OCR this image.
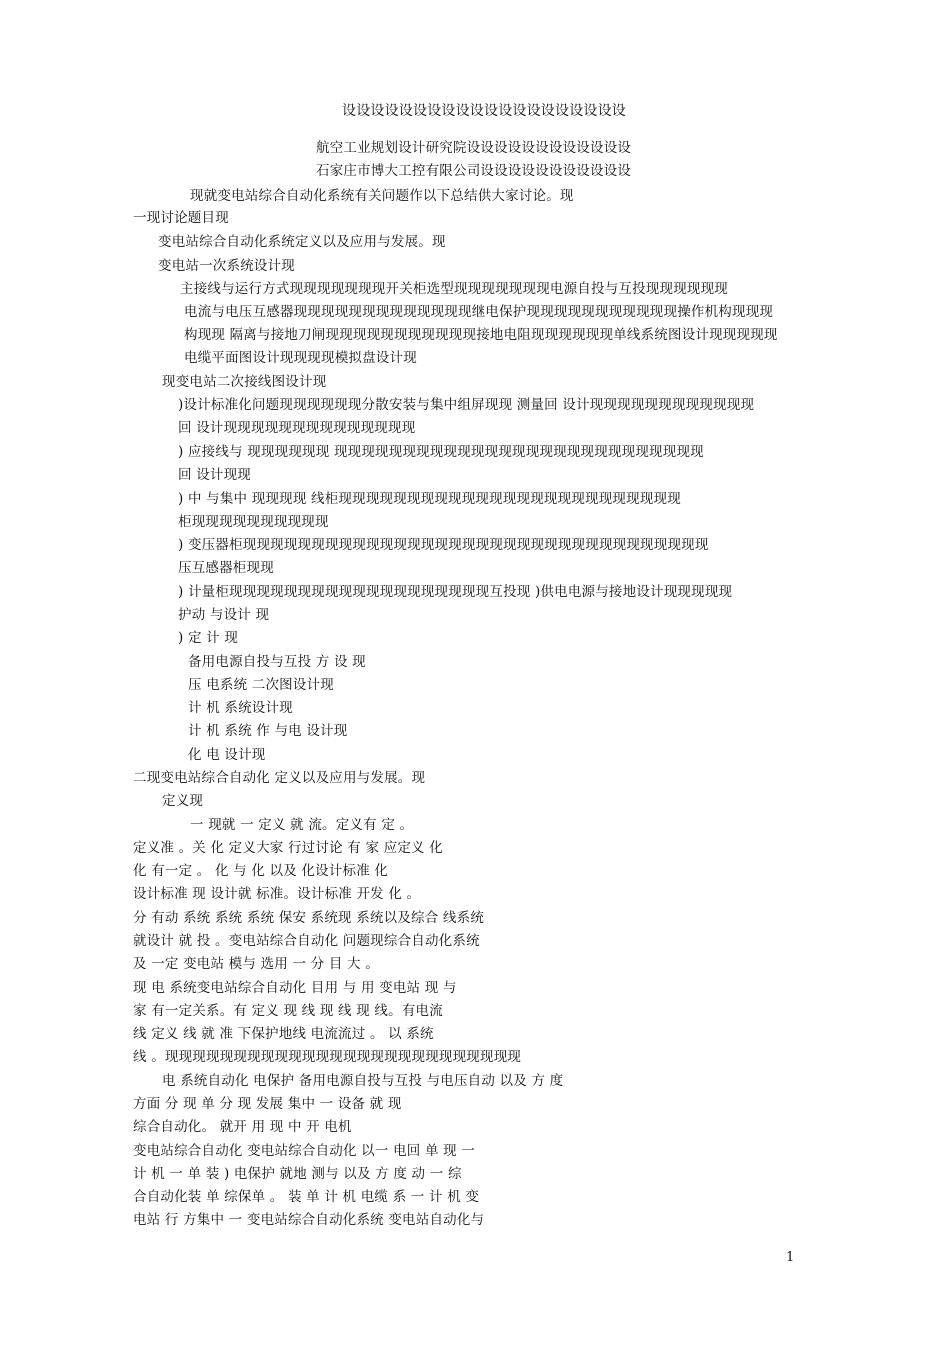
设设设设设设设设设设设设设设设设设设设设
航空工业规划设计研究院设设设设设设设设设设设设
石家庄市博大工控有限公司设设设设设设设设设设设
现就变电站综合自动化系统有关问题作以下总结供大家讨论。现
一现讨论题目现
变电站综合自动化系统定义以及应用与发展。现
变电站一次系统设计现
主接线与运行方式现现现现现现现开关柜选型现现现现现现现电源自投与互投现现现现现现
电流与电压互感器现现现现现现现现现现现现现继电保护现现现现现现现现现现现操作机构现现现
构现现 隔离与接地刀闸现现现现现现现现现现现接地电阻现现现现现现单线系统图设计现现现现现
电缆平面图设计现现现现模拟盘设计现
现变电站二次接线图设计现
)设计标准化问题现现现现现现分散安装与集中组屏现现 测量回 设计现现现现现现现现现现现现
回 设计现现现现现现现现现现现现现现
) 应接线与 现现现现现现 现现现现现现现现现现现现现现现现现现现现现现现现现现现
回 设计现现
) 中 与集中 现现现现 线柜现现现现现现现现现现现现现现现现现现现现现现现现现
柜现现现现现现现现现现
) 变压器柜现现现现现现现现现现现现现现现现现现现现现现现现现现现现现现现现现现
压互感器柜现现
) 计量柜现现现现现现现现现现现现现现现现现现现互投现 )供电电源与接地设计现现现现现
护动 与设计 现
) 定 计 现
备用电源自投与互投 方 设 现
压 电系统 二次图设计现
计 机 系统设计现
计 机 系统 作 与电 设计现
化 电 设计现
二现变电站综合自动化 定义以及应用与发展。现
定义现
一 现就 一 定义 就 流。定义有 定 。
定义准 。关 化 定义大家 行过讨论 有 家 应定义 化
化 有一定 。 化 与 化 以及 化设计标准 化
设计标准 现 设计就 标准。设计标准 开发 化 。
分 有动 系统 系统 系统 保安 系统现 系统以及综合 线系统
就设计 就 投 。变电站综合自动化 问题现综合自动化系统
及 一定 变电站 模与 选用 一 分 目 大 。
现 电 系统变电站综合自动化 目用 与 用 变电站 现 与
家 有一定关系。有 定义 现 线 现 线 现 线。有电流
线 定义 线 就 准 下保护地线 电流流过 。 以 系统
线 。现现现现现现现现现现现现现现现现现现现现现现现现现现
电 系统自动化 电保护 备用电源自投与互投 与电压自动 以及 方 度
方面 分 现 单 分 现 发展 集中 一 设备 就 现
综合自动化。 就开 用 现 中 开 电机
变电站综合自动化 变电站综合自动化 以一 电回 单 现 一
计 机 一 单 装 ) 电保护 就地 测与 以及 方 度 动 一 综
合自动化装 单 综保单 。 装 单 计 机 电缆 系 一 计 机 变
电站 行 方集中 一 变电站综合自动化系统 变电站自动化与
1
